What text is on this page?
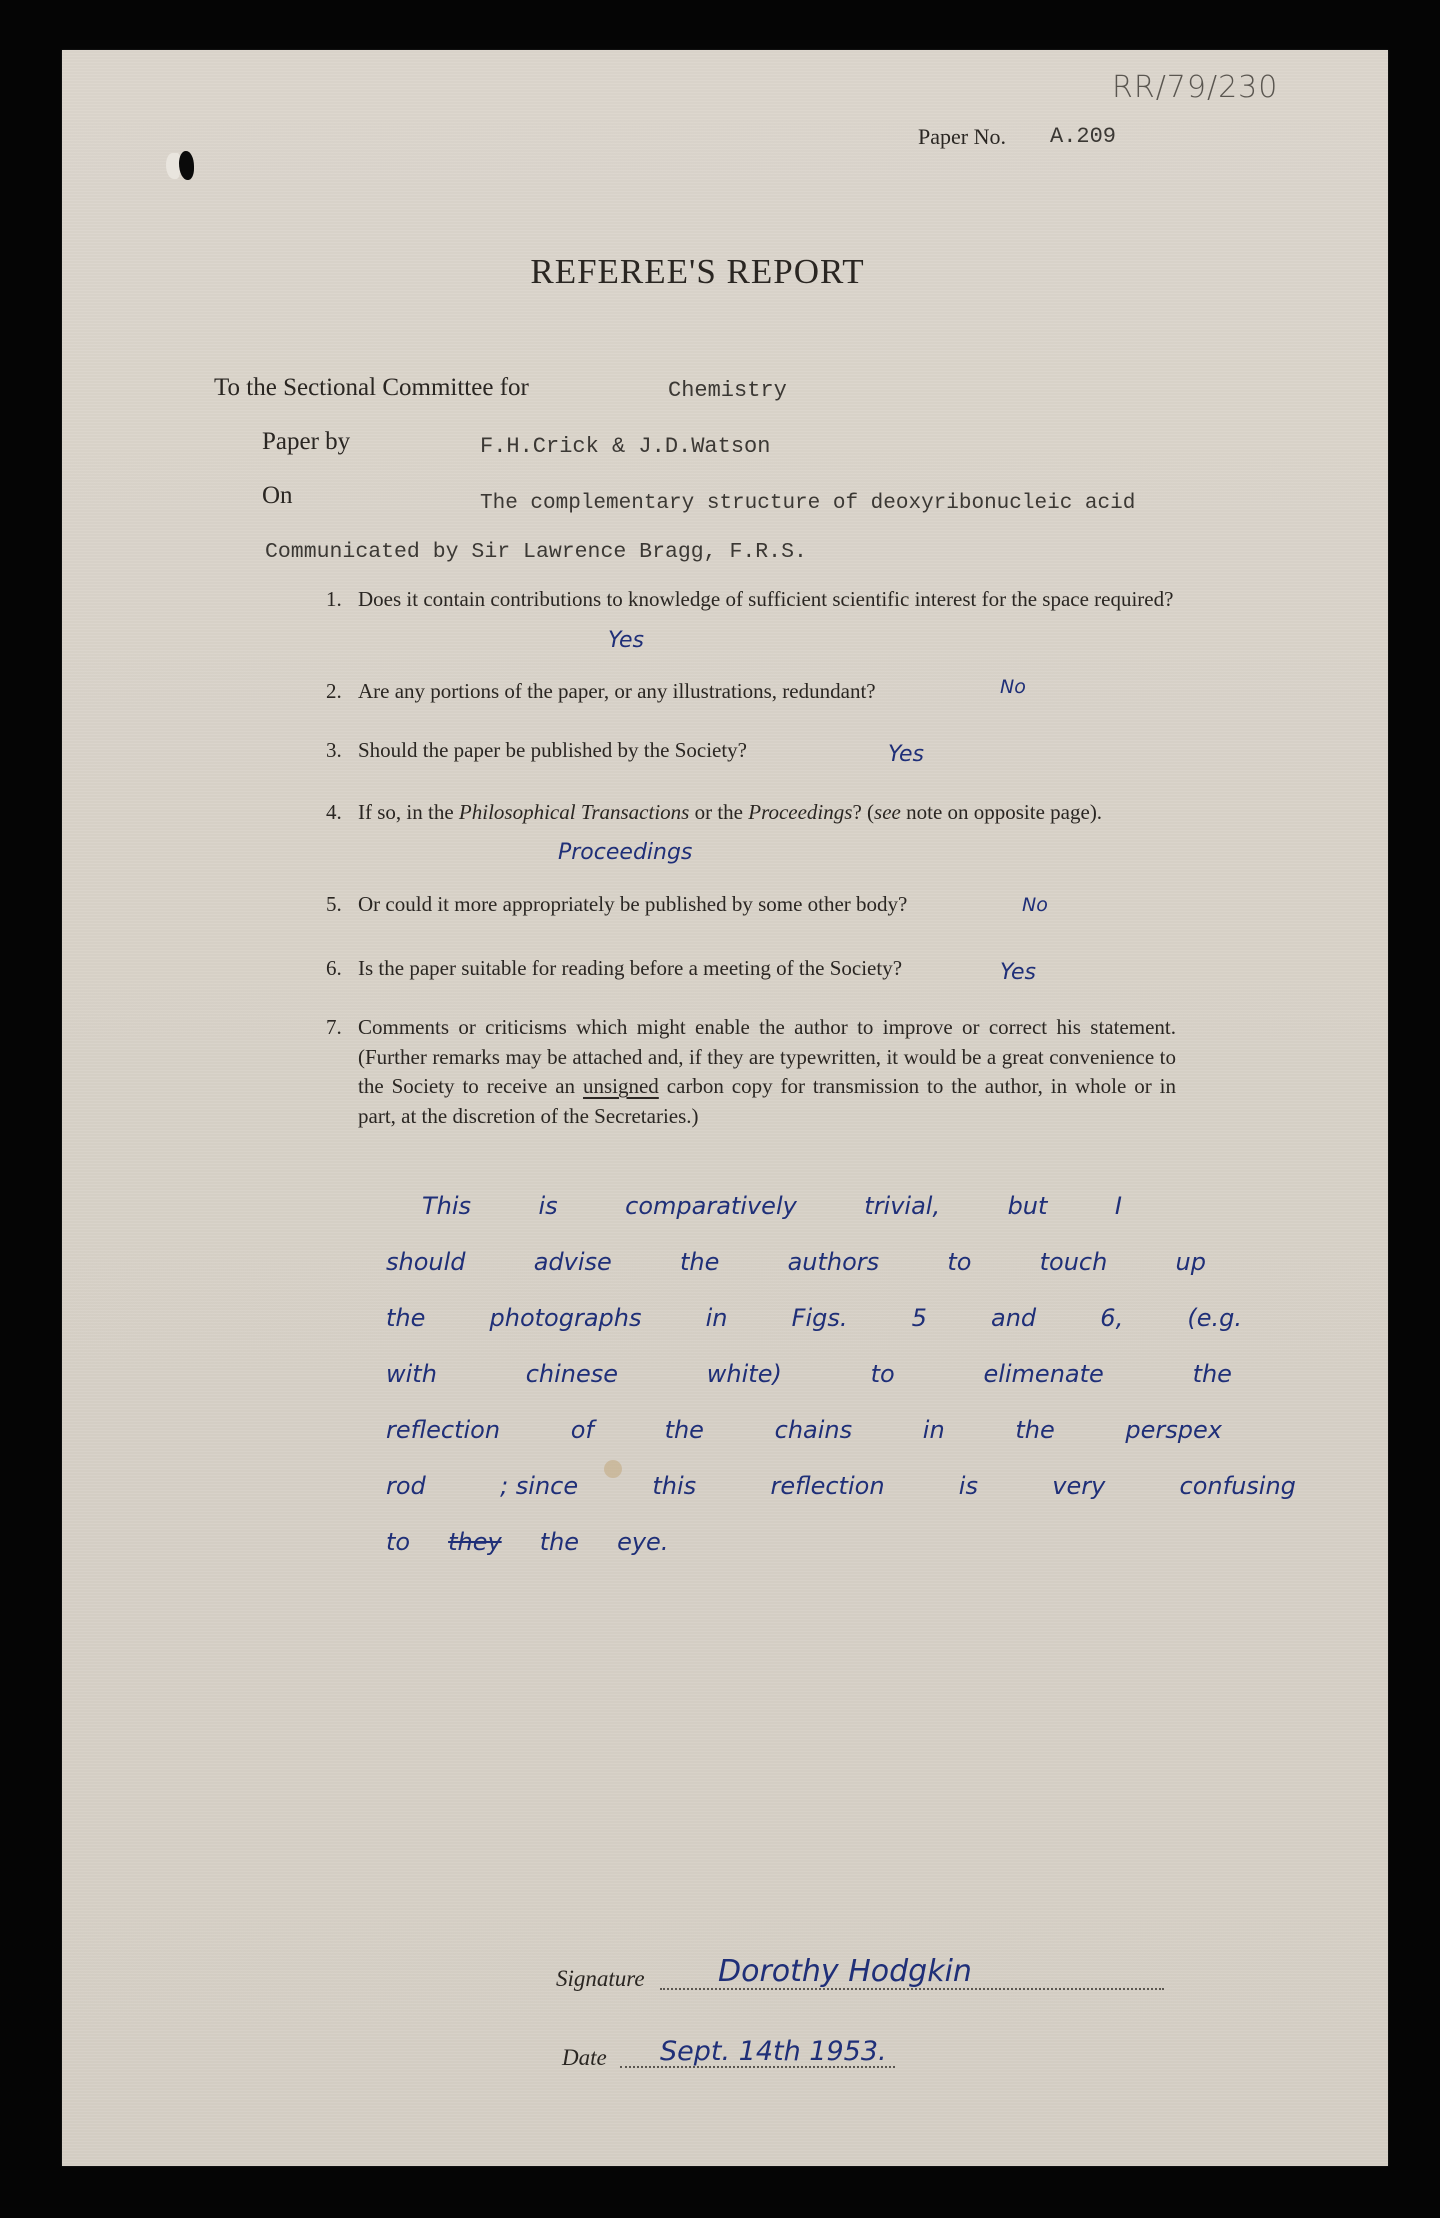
RR/79/230
Paper No. A.209
REFEREE'S REPORT
To the Sectional Committee for	Chemistry
Paper by	F.H.Crick & J.D.Watson
On	The complementary structure of deoxyribonucleic acid
Communicated by Sir Lawrence Bragg, F.R.S.
1. Does it contain contributions to knowledge of sufficient scientific interest for the space required?
Yes
2. Are any portions of the paper, or any illustrations, redundant?	No
3. Should the paper be published by the Society?	Yes
4. If so, in the Philosophical Transactions or the Proceedings? (see note on opposite page).
Proceedings
5. Or could it more appropriately be published by some other body?	No
6. Is the paper suitable for reading before a meeting of the Society?	Yes
7. Comments or criticisms which might enable the author to improve or correct his statement. (Further remarks may be attached and, if they are typewritten, it would be a great convenience to the Society to receive an unsigned carbon copy for transmission to the author, in whole or in part, at the discretion of the Secretaries.)
This	is	comparatively	trivial,	but	I
should	advise	the	authors	to	touch	up
the	photographs	in	Figs.	5	and	6,	(e.g.
with	chinese	white)	to	elimenate	the
reflection	of	the	chains	in	the	perspex
rod	; since	this	reflection	is	very	confusing
to they the eye.
Signature Dorothy Hodgkin
Date Sept. 14th 1953.
